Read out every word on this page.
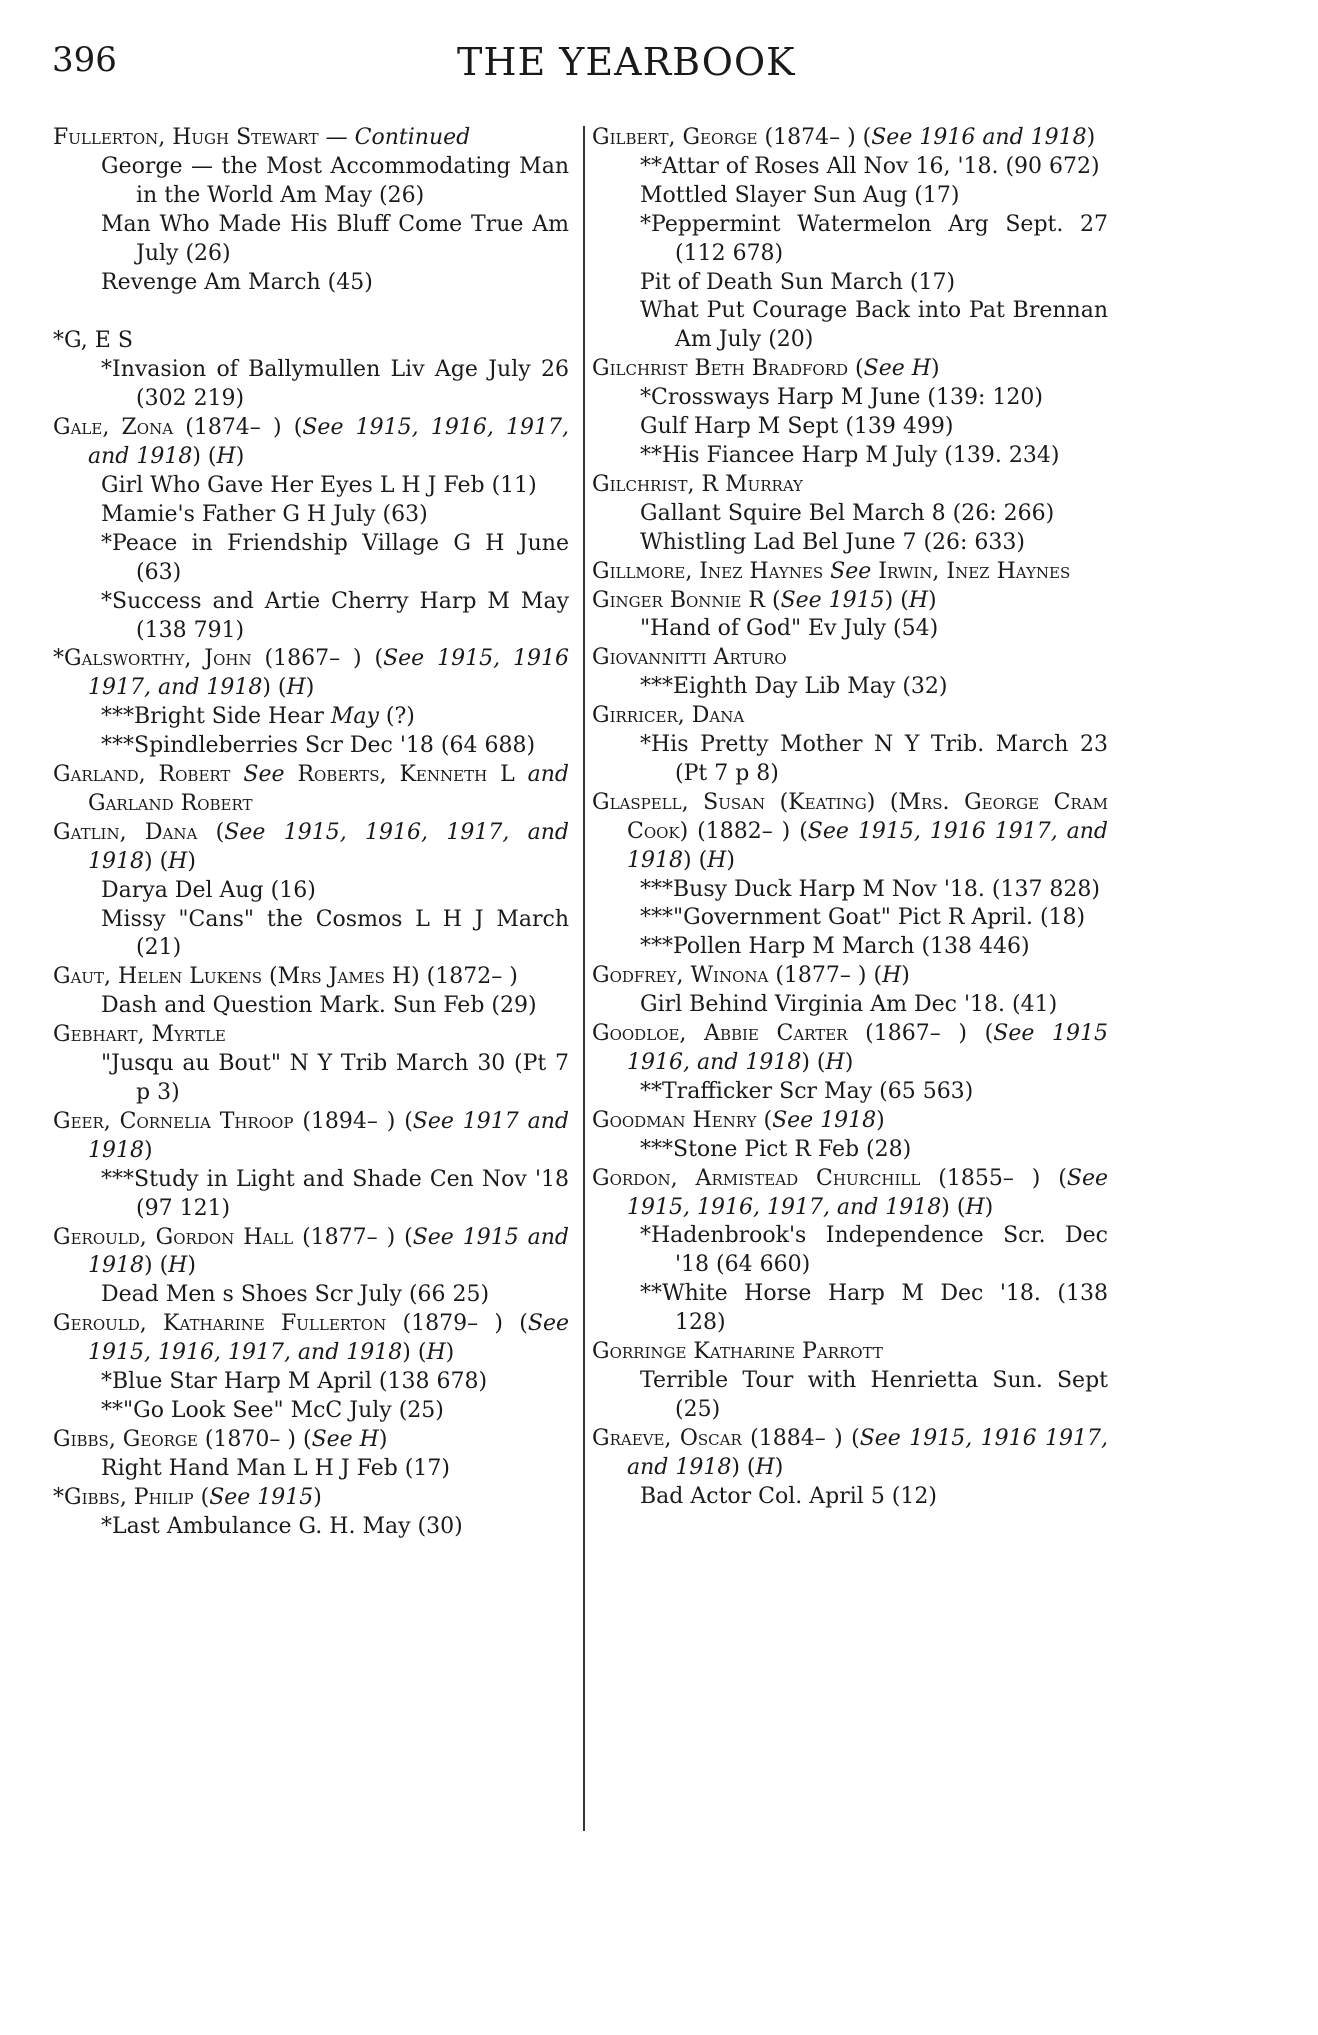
396	THE YEARBOOK
Fullerton, Hugh Stewart — Continued
George — the Most Accommodating Man in the World Am May (26)
Man Who Made His Bluff Come True Am July (26)
Revenge Am March (45)
*G, E S
*Invasion of Ballymullen Liv Age July 26 (302 219)
Gale, Zona (1874– ) (See 1915, 1916, 1917, and 1918) (H)
Girl Who Gave Her Eyes L H J Feb (11)
Mamie's Father G H July (63)
*Peace in Friendship Village G H June (63)
*Success and Artie Cherry Harp M May (138 791)
*Galsworthy, John (1867– ) (See 1915, 1916 1917, and 1918) (H)
***Bright Side Hear May (?)
***Spindleberries Scr Dec '18 (64 688)
Garland, Robert See Roberts, Kenneth L and Garland Robert
Gatlin, Dana (See 1915, 1916, 1917, and 1918) (H)
Darya Del Aug (16)
Missy "Cans" the Cosmos L H J March (21)
Gaut, Helen Lukens (Mrs James H) (1872– )
Dash and Question Mark. Sun Feb (29)
Gebhart, Myrtle
"Jusqu au Bout" N Y Trib March 30 (Pt 7 p 3)
Geer, Cornelia Throop (1894– ) (See 1917 and 1918)
***Study in Light and Shade Cen Nov '18 (97 121)
Gerould, Gordon Hall (1877– ) (See 1915 and 1918) (H)
Dead Men s Shoes Scr July (66 25)
Gerould, Katharine Fullerton (1879– ) (See 1915, 1916, 1917, and 1918) (H)
*Blue Star Harp M April (138 678)
**"Go Look See" McC July (25)
Gibbs, George (1870– ) (See H)
Right Hand Man L H J Feb (17)
*Gibbs, Philip (See 1915)
*Last Ambulance G. H. May (30)
Gilbert, George (1874– ) (See 1916 and 1918)
**Attar of Roses All Nov 16, '18. (90 672)
Mottled Slayer Sun Aug (17)
*Peppermint Watermelon Arg Sept. 27 (112 678)
Pit of Death Sun March (17)
What Put Courage Back into Pat Brennan Am July (20)
Gilchrist Beth Bradford (See H)
*Crossways Harp M June (139: 120)
Gulf Harp M Sept (139 499)
**His Fiancee Harp M July (139. 234)
Gilchrist, R Murray
Gallant Squire Bel March 8 (26: 266)
Whistling Lad Bel June 7 (26: 633)
Gillmore, Inez Haynes See Irwin, Inez Haynes
Ginger Bonnie R (See 1915) (H)
"Hand of God" Ev July (54)
Giovannitti Arturo
***Eighth Day Lib May (32)
Girricer, Dana
*His Pretty Mother N Y Trib. March 23 (Pt 7 p 8)
Glaspell, Susan (Keating) (Mrs. George Cram Cook) (1882– ) (See 1915, 1916 1917, and 1918) (H)
***Busy Duck Harp M Nov '18. (137 828)
***"Government Goat" Pict R April. (18)
***Pollen Harp M March (138 446)
Godfrey, Winona (1877– ) (H)
Girl Behind Virginia Am Dec '18. (41)
Goodloe, Abbie Carter (1867– ) (See 1915 1916, and 1918) (H)
**Trafficker Scr May (65 563)
Goodman Henry (See 1918)
***Stone Pict R Feb (28)
Gordon, Armistead Churchill (1855– ) (See 1915, 1916, 1917, and 1918) (H)
*Hadenbrook's Independence Scr. Dec '18 (64 660)
**White Horse Harp M Dec '18. (138 128)
Gorringe Katharine Parrott
Terrible Tour with Henrietta Sun. Sept (25)
Graeve, Oscar (1884– ) (See 1915, 1916 1917, and 1918) (H)
Bad Actor Col. April 5 (12)
